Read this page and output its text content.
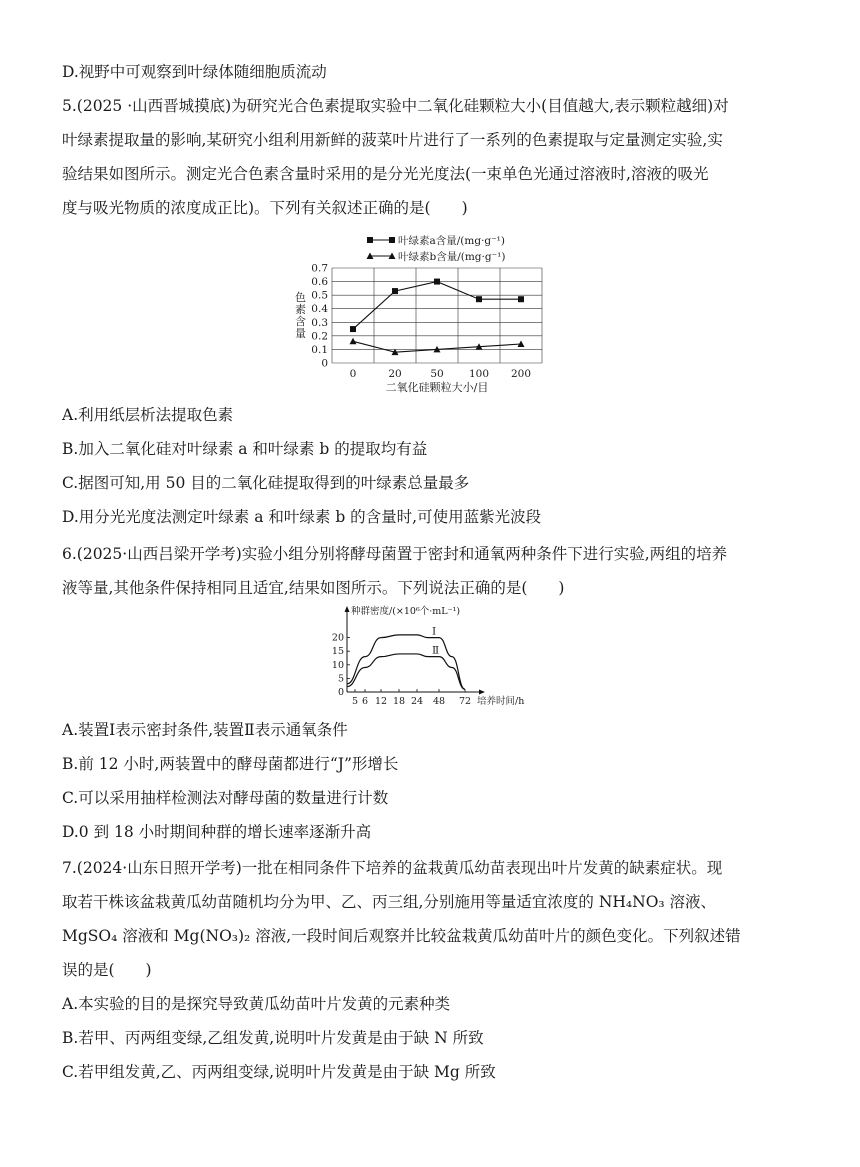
D.视野中可观察到叶绿体随细胞质流动
5.(2025 ·山西晋城摸底)为研究光合色素提取实验中二氧化硅颗粒大小(目值越大,表示颗粒越细)对
叶绿素提取量的影响,某研究小组利用新鲜的菠菜叶片进行了一系列的色素提取与定量测定实验,实
验结果如图所示。测定光合色素含量时采用的是分光光度法(一束单色光通过溶液时,溶液的吸光
度与吸光物质的浓度成正比)。下列有关叙述正确的是(　　)
0
0.1
0.2
0.3
0.4
0.5
0.6
0.7
0	20	50 100 200
二氧化硅颗粒大小/目
色素含量
叶绿素a含量/(mg·g⁻¹)
叶绿素b含量/(mg·g⁻¹)
A.利用纸层析法提取色素
B.加入二氧化硅对叶绿素 a 和叶绿素 b 的提取均有益
C.据图可知,用 50 目的二氧化硅提取得到的叶绿素总量最多
D.用分光光度法测定叶绿素 a 和叶绿素 b 的含量时,可使用蓝紫光波段
6.(2025·山西吕梁开学考)实验小组分别将酵母菌置于密封和通氧两种条件下进行实验,两组的培养
液等量,其他条件保持相同且适宜,结果如图所示。下列说法正确的是(　　)
种群密度/(×10⁶个·mL⁻¹)
培养时间/h
0
5
10
15
20
5 6 12 18 24 48 72
Ⅰ
Ⅱ
A.装置Ⅰ表示密封条件,装置Ⅱ表示通氧条件
B.前 12 小时,两装置中的酵母菌都进行“J”形增长
C.可以采用抽样检测法对酵母菌的数量进行计数
D.0 到 18 小时期间种群的增长速率逐渐升高
7.(2024·山东日照开学考)一批在相同条件下培养的盆栽黄瓜幼苗表现出叶片发黄的缺素症状。现
取若干株该盆栽黄瓜幼苗随机均分为甲、乙、丙三组,分别施用等量适宜浓度的 NH₄NO₃ 溶液、
MgSO₄ 溶液和 Mg(NO₃)₂ 溶液,一段时间后观察并比较盆栽黄瓜幼苗叶片的颜色变化。下列叙述错
误的是(　　)
A.本实验的目的是探究导致黄瓜幼苗叶片发黄的元素种类
B.若甲、丙两组变绿,乙组发黄,说明叶片发黄是由于缺 N 所致
C.若甲组发黄,乙、丙两组变绿,说明叶片发黄是由于缺 Mg 所致
